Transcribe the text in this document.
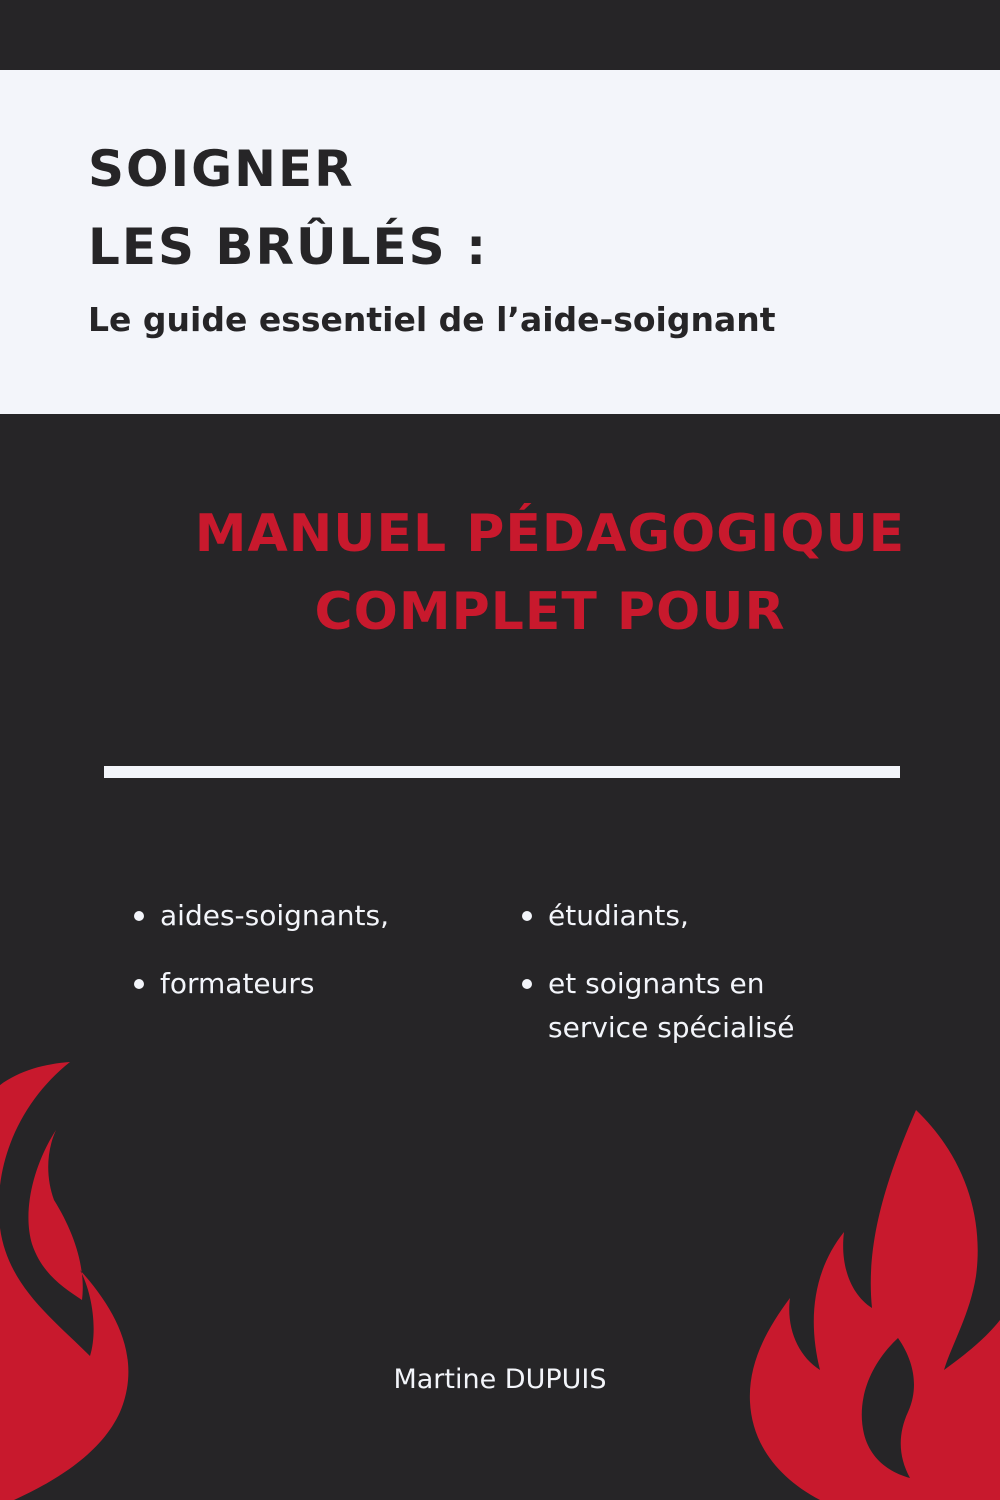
SOIGNER
LES BRÛLÉS :
Le guide essentiel de l’aide-soignant
MANUEL PÉDAGOGIQUE
COMPLET POUR
aides-soignants,
formateurs
étudiants,
et soignants en service spécialisé
Martine DUPUIS
